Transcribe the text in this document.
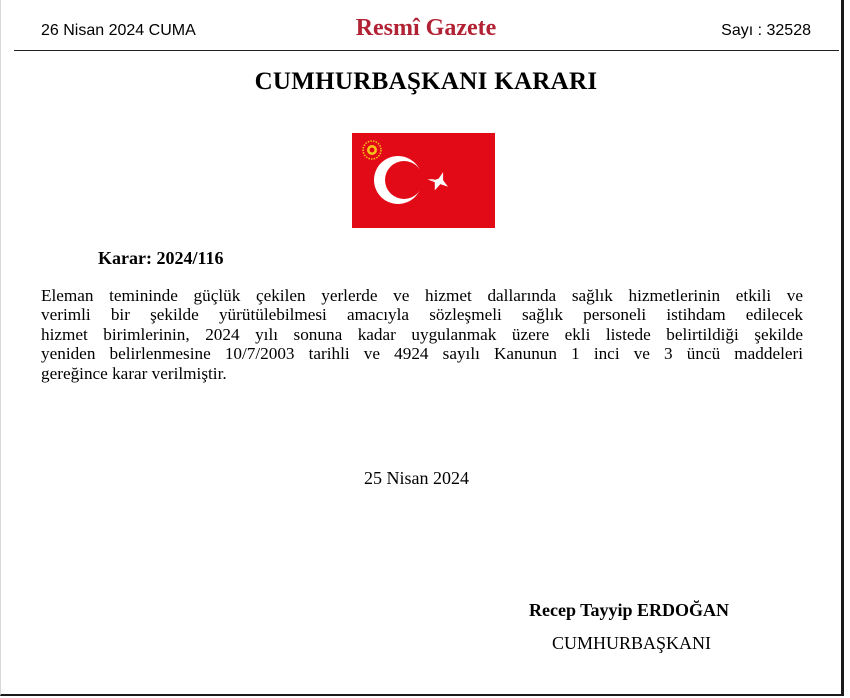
26 Nisan 2024 CUMA	Resmî Gazete	Sayı : 32528
CUMHURBAŞKANI KARARI
Karar: 2024/116
Eleman temininde güçlük çekilen yerlerde ve hizmet dallarında sağlık hizmetlerinin etkili ve
verimli bir şekilde yürütülebilmesi amacıyla sözleşmeli sağlık personeli istihdam edilecek
hizmet birimlerinin, 2024 yılı sonuna kadar uygulanmak üzere ekli listede belirtildiği şekilde
yeniden belirlenmesine 10/7/2003 tarihli ve 4924 sayılı Kanunun 1 inci ve 3 üncü maddeleri
gereğince karar verilmiştir.
25 Nisan 2024
Recep Tayyip ERDOĞAN
CUMHURBAŞKANI
